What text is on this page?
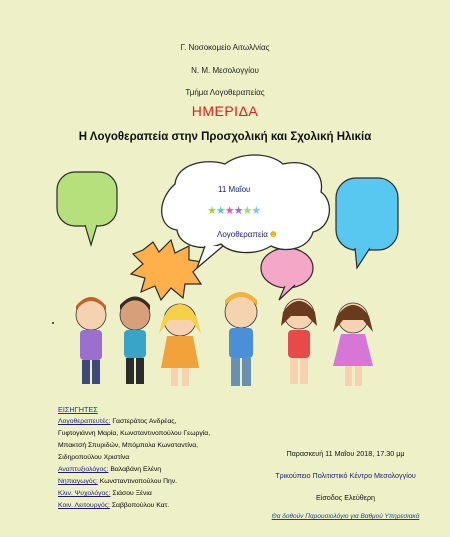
Γ. Νοσοκομείο Αιτωλ/νίας
Ν. Μ. Μεσολογγίου
Τμήμα Λογοθεραπείας
ΗΜΕΡΙΔΑ
Η Λογοθεραπεία στην Προσχολική και Σχολική Ηλικία
11 Μαΐου
★★★★★★
Λογοθεραπεία☻
ΕΙΣΗΓΗΤΕΣ
Λογοθεραπευτές: Γαστεράτος Ανδρέας,
Γυφτογιάννη Μαρία, Κωνσταντινοπούλου Γεωργία,
Μπακτσή Σπυριδών, Μπόμπολα Κωνσταντίνα,
Σιδηροπούλου Χριστίνα
Αναπτυξιολόγος: Βαλαβάνη Ελένη
Νηπιαγωγός: Κωνσταντινοπούλου Πην.
Κλιν. Ψυχολόγος: Σιάσου Ξένια
Κοιν. Λειτουργός: Σαββοπούλου Κατ.
Παρασκευή 11 Μαΐου 2018, 17.30 μμ
Τρικούπειο Πολιτιστικό Κέντρο Μεσολογγίου
Είσοδος Ελεύθερη
Θα δοθούν Παρουσιολόγιο για Βαθμού Υπηρεσιακά
